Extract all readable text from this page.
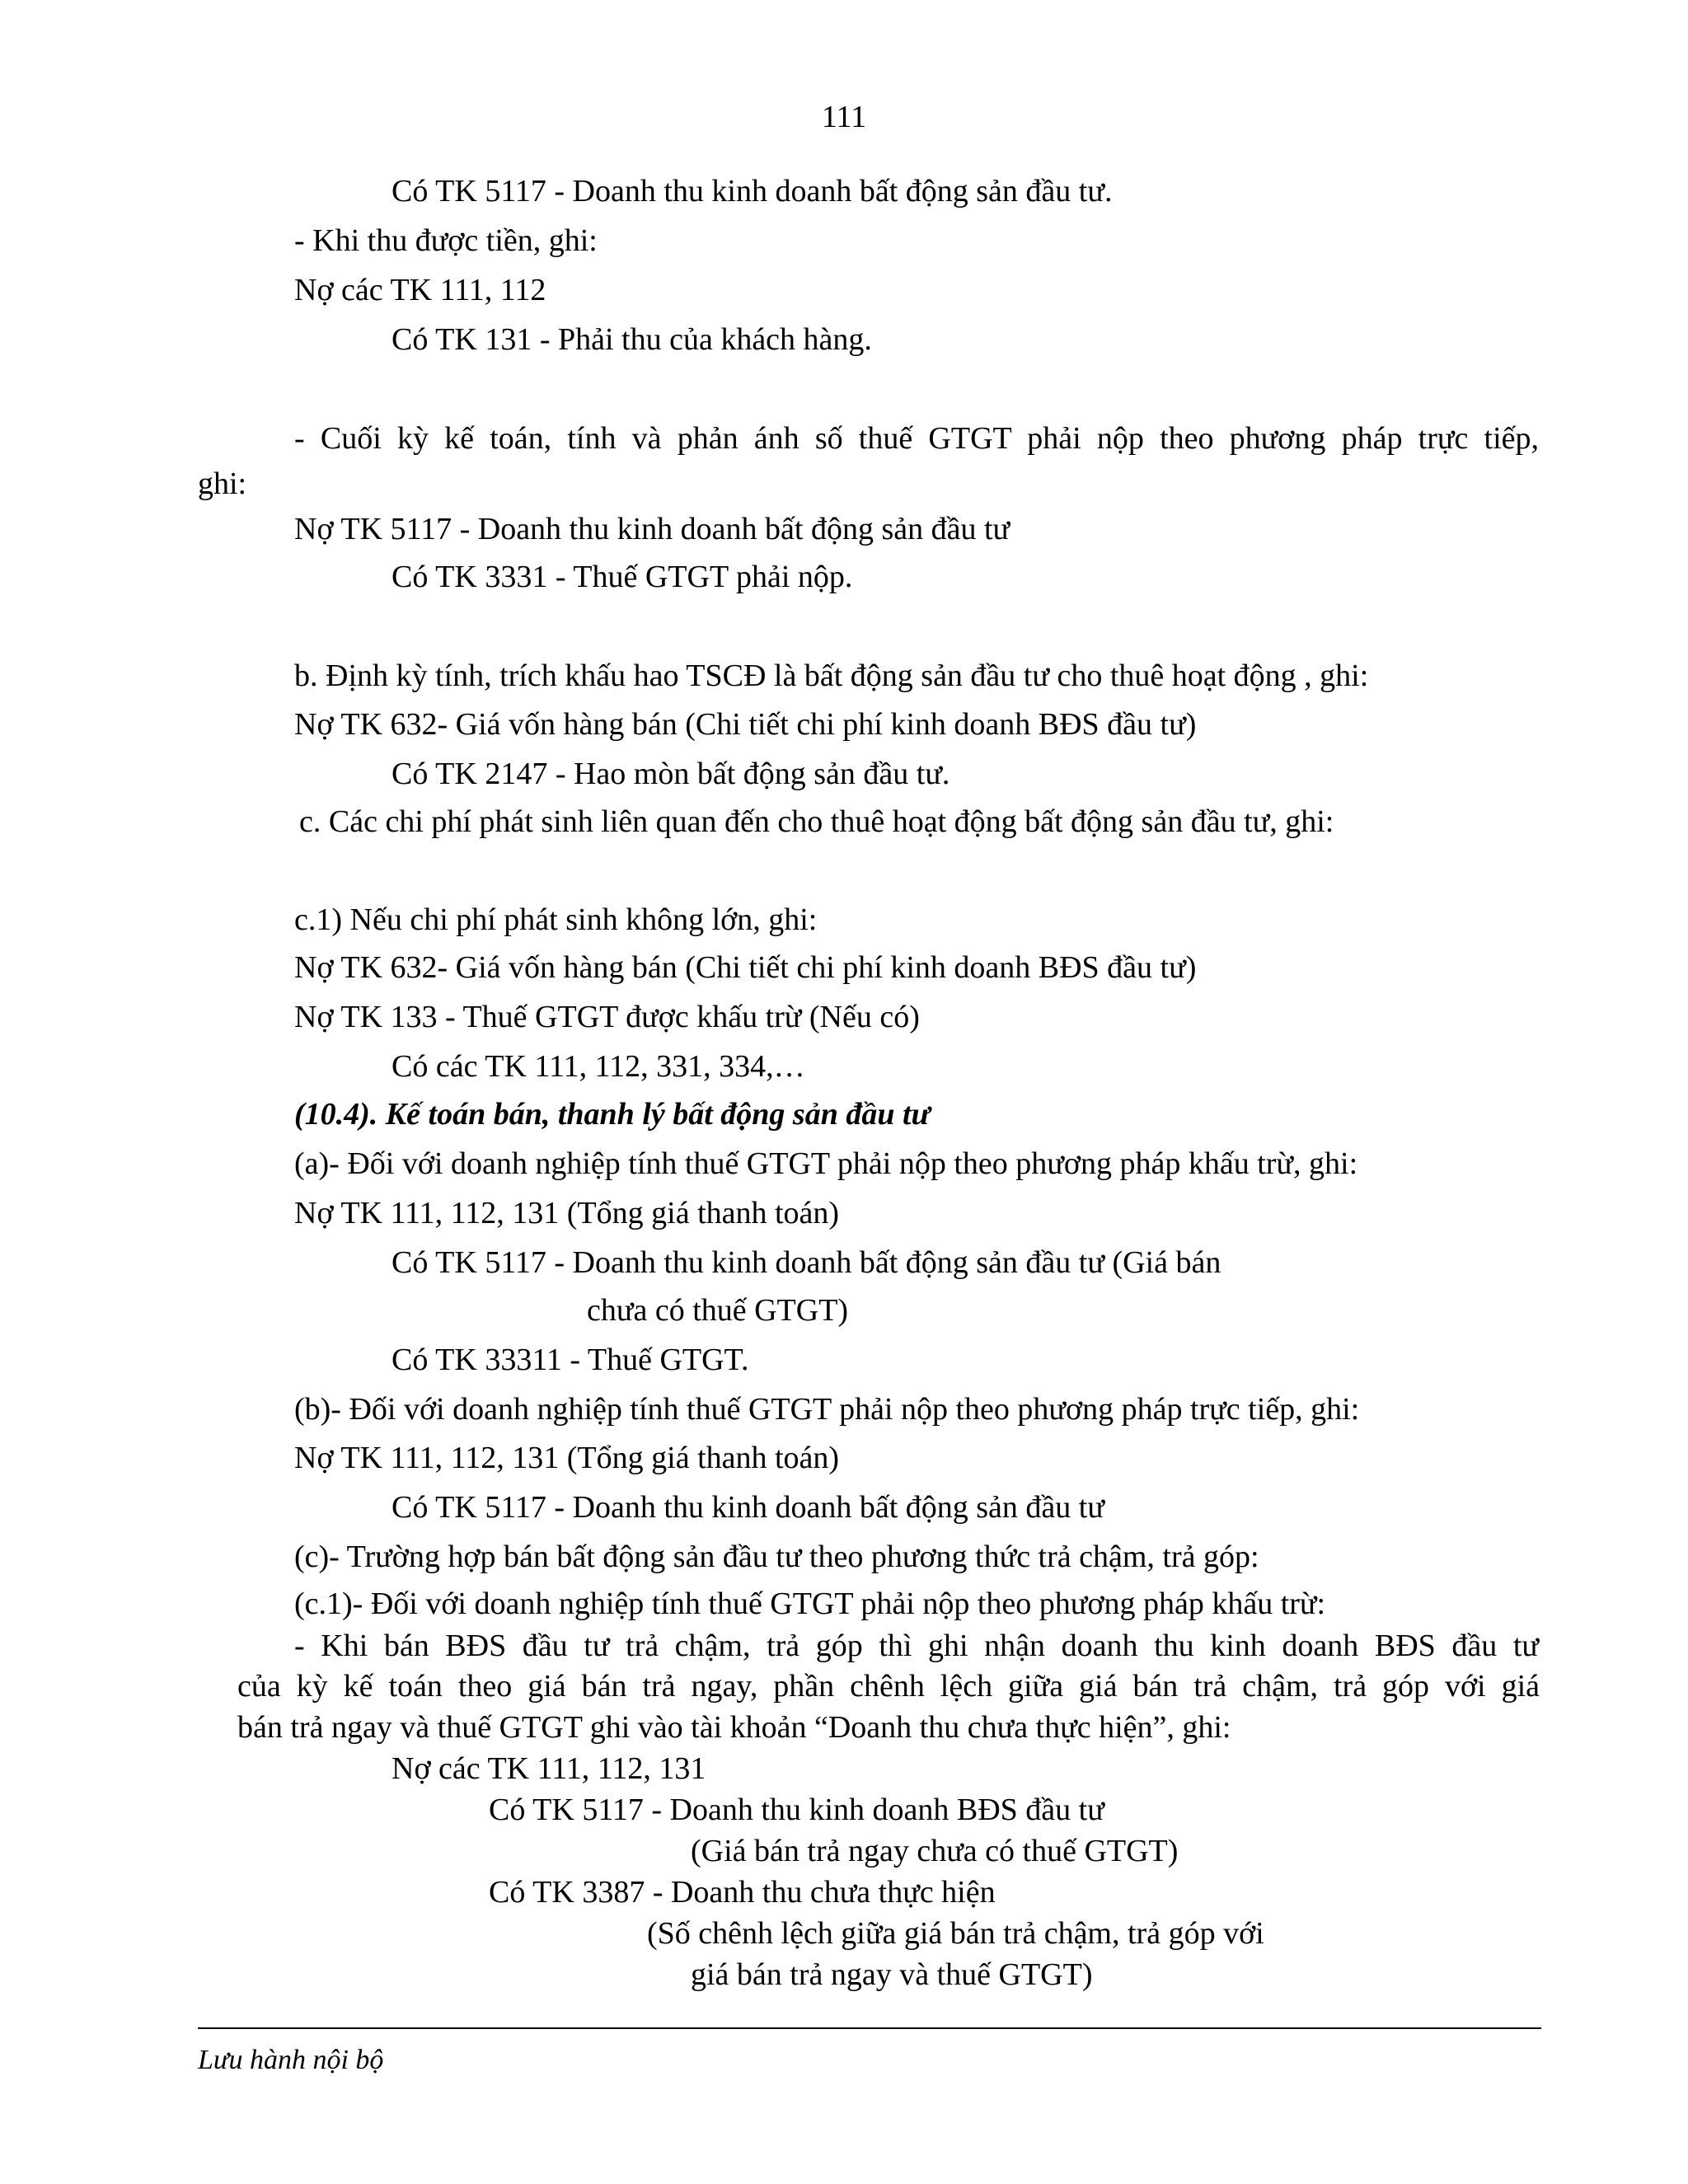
111
Có TK 5117 - Doanh thu kinh doanh bất động sản đầu tư.
- Khi thu được tiền, ghi:
Nợ các TK 111, 112
Có TK 131 - Phải thu của khách hàng.
- Cuối kỳ kế toán, tính và phản ánh số thuế GTGT phải nộp theo phương pháp trực tiếp,
ghi:
Nợ TK 5117 - Doanh thu kinh doanh bất động sản đầu tư
Có TK 3331 - Thuế GTGT phải nộp.
b. Định kỳ tính, trích khấu hao TSCĐ là bất động sản đầu tư cho thuê hoạt động , ghi:
Nợ TK 632- Giá vốn hàng bán (Chi tiết chi phí kinh doanh BĐS đầu tư)
Có TK 2147 - Hao mòn bất động sản đầu tư.
c. Các chi phí phát sinh liên quan đến cho thuê hoạt động bất động sản đầu tư, ghi:
c.1) Nếu chi phí phát sinh không lớn, ghi:
Nợ TK 632- Giá vốn hàng bán (Chi tiết chi phí kinh doanh BĐS đầu tư)
Nợ TK 133 - Thuế GTGT được khấu trừ (Nếu có)
Có các TK 111, 112, 331, 334,…
(10.4). Kế toán bán, thanh lý bất động sản đầu tư
(a)- Đối với doanh nghiệp tính thuế GTGT phải nộp theo phương pháp khấu trừ, ghi:
Nợ TK 111, 112, 131 (Tổng giá thanh toán)
Có TK 5117 - Doanh thu kinh doanh bất động sản đầu tư (Giá bán
chưa có thuế GTGT)
Có TK 33311 - Thuế GTGT.
(b)- Đối với doanh nghiệp tính thuế GTGT phải nộp theo phương pháp trực tiếp, ghi:
Nợ TK 111, 112, 131 (Tổng giá thanh toán)
Có TK 5117 - Doanh thu kinh doanh bất động sản đầu tư
(c)- Trường hợp bán bất động sản đầu tư theo phương thức trả chậm, trả góp:
(c.1)- Đối với doanh nghiệp tính thuế GTGT phải nộp theo phương pháp khấu trừ:
- Khi bán BĐS đầu tư trả chậm, trả góp thì ghi nhận doanh thu kinh doanh BĐS đầu tư
của kỳ kế toán theo giá bán trả ngay, phần chênh lệch giữa giá bán trả chậm, trả góp với giá
bán trả ngay và thuế GTGT ghi vào tài khoản “Doanh thu chưa thực hiện”, ghi:
Nợ các TK 111, 112, 131
Có TK 5117 - Doanh thu kinh doanh BĐS đầu tư
(Giá bán trả ngay chưa có thuế GTGT)
Có TK 3387 - Doanh thu chưa thực hiện
(Số chênh lệch giữa giá bán trả chậm, trả góp với
giá bán trả ngay và thuế GTGT)
Lưu hành nội bộ
